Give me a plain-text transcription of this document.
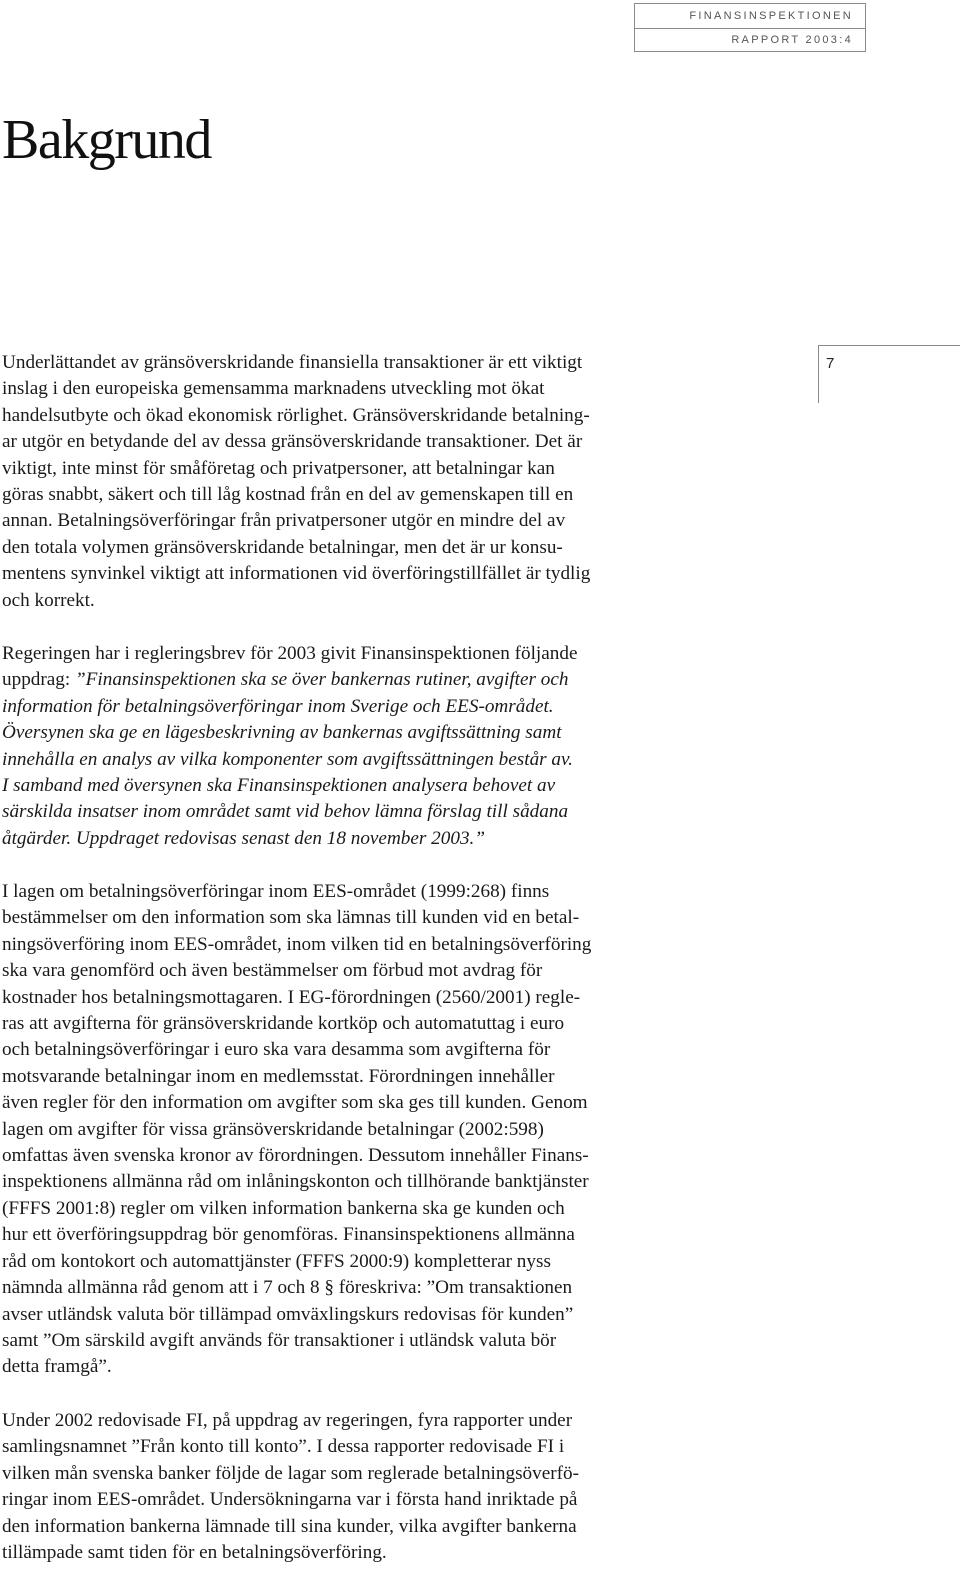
FINANSINSPEKTIONEN
RAPPORT 2003:4
Bakgrund
7
Underlättandet av gränsöverskridande finansiella transaktioner är ett viktigt
inslag i den europeiska gemensamma marknadens utveckling mot ökat
handelsutbyte och ökad ekonomisk rörlighet. Gränsöverskridande betalning-
ar utgör en betydande del av dessa gränsöverskridande transaktioner. Det är
viktigt, inte minst för småföretag och privatpersoner, att betalningar kan
göras snabbt, säkert och till låg kostnad från en del av gemenskapen till en
annan. Betalningsöverföringar från privatpersoner utgör en mindre del av
den totala volymen gränsöverskridande betalningar, men det är ur konsu-
mentens synvinkel viktigt att informationen vid överföringstillfället är tydlig
och korrekt.
Regeringen har i regleringsbrev för 2003 givit Finansinspektionen följande
uppdrag: ”Finansinspektionen ska se över bankernas rutiner, avgifter och
information för betalningsöverföringar inom Sverige och EES-området.
Översynen ska ge en lägesbeskrivning av bankernas avgiftssättning samt
innehålla en analys av vilka komponenter som avgiftssättningen består av.
I samband med översynen ska Finansinspektionen analysera behovet av
särskilda insatser inom området samt vid behov lämna förslag till sådana
åtgärder. Uppdraget redovisas senast den 18 november 2003.”
I lagen om betalningsöverföringar inom EES-området (1999:268) finns
bestämmelser om den information som ska lämnas till kunden vid en betal-
ningsöverföring inom EES-området, inom vilken tid en betalningsöverföring
ska vara genomförd och även bestämmelser om förbud mot avdrag för
kostnader hos betalningsmottagaren. I EG-förordningen (2560/2001) regle-
ras att avgifterna för gränsöverskridande kortköp och automatuttag i euro
och betalningsöverföringar i euro ska vara desamma som avgifterna för
motsvarande betalningar inom en medlemsstat. Förordningen innehåller
även regler för den information om avgifter som ska ges till kunden. Genom
lagen om avgifter för vissa gränsöverskridande betalningar (2002:598)
omfattas även svenska kronor av förordningen. Dessutom innehåller Finans-
inspektionens allmänna råd om inlåningskonton och tillhörande banktjänster
(FFFS 2001:8) regler om vilken information bankerna ska ge kunden och
hur ett överföringsuppdrag bör genomföras. Finansinspektionens allmänna
råd om kontokort och automattjänster (FFFS 2000:9) kompletterar nyss
nämnda allmänna råd genom att i 7 och 8 § föreskriva: ”Om transaktionen
avser utländsk valuta bör tillämpad omväxlingskurs redovisas för kunden”
samt ”Om särskild avgift används för transaktioner i utländsk valuta bör
detta framgå”.
Under 2002 redovisade FI, på uppdrag av regeringen, fyra rapporter under
samlingsnamnet ”Från konto till konto”. I dessa rapporter redovisade FI i
vilken mån svenska banker följde de lagar som reglerade betalningsöverfö-
ringar inom EES-området. Undersökningarna var i första hand inriktade på
den information bankerna lämnade till sina kunder, vilka avgifter bankerna
tillämpade samt tiden för en betalningsöverföring.
